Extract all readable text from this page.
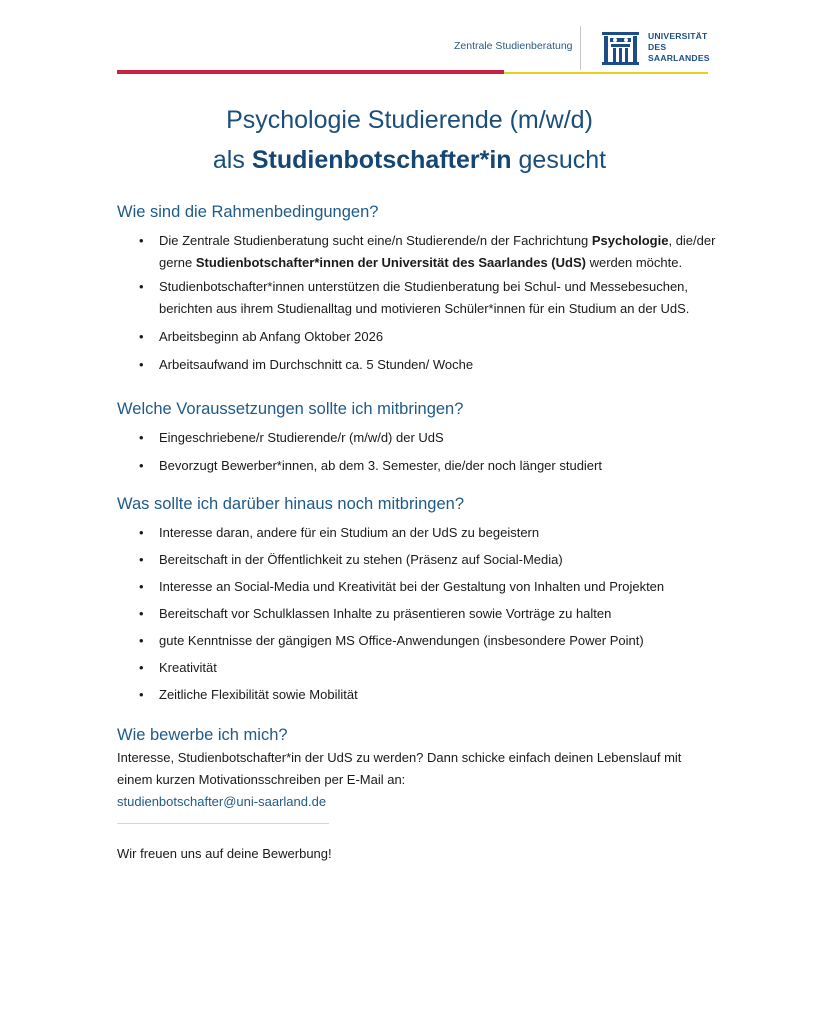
Zentrale Studienberatung
UNIVERSITÄT
DES
SAARLANDES
Psychologie Studierende (m/w/d)
als Studienbotschafter*in gesucht
Wie sind die Rahmenbedingungen?
• Die Zentrale Studienberatung sucht eine/n Studierende/n der Fachrichtung Psychologie, die/der gerne Studienbotschafter*innen der Universität des Saarlandes (UdS) werden möchte.
• Studienbotschafter*innen unterstützen die Studienberatung bei Schul- und Messebesuchen, berichten aus ihrem Studienalltag und motivieren Schüler*innen für ein Studium an der UdS.
• Arbeitsbeginn ab Anfang Oktober 2026
• Arbeitsaufwand im Durchschnitt ca. 5 Stunden/ Woche
Welche Voraussetzungen sollte ich mitbringen?
• Eingeschriebene/r Studierende/r (m/w/d) der UdS
• Bevorzugt Bewerber*innen, ab dem 3. Semester, die/der noch länger studiert
Was sollte ich darüber hinaus noch mitbringen?
• Interesse daran, andere für ein Studium an der UdS zu begeistern
• Bereitschaft in der Öffentlichkeit zu stehen (Präsenz auf Social-Media)
• Interesse an Social-Media und Kreativität bei der Gestaltung von Inhalten und Projekten
• Bereitschaft vor Schulklassen Inhalte zu präsentieren sowie Vorträge zu halten
• gute Kenntnisse der gängigen MS Office-Anwendungen (insbesondere Power Point)
• Kreativität
• Zeitliche Flexibilität sowie Mobilität
Wie bewerbe ich mich?

Interesse, Studienbotschafter*in der UdS zu werden? Dann schicke einfach deinen Lebenslauf mit einem kurzen Motivationsschreiben per E-Mail an:

studienbotschafter@uni-saarland.de

Wir freuen uns auf deine Bewerbung!
